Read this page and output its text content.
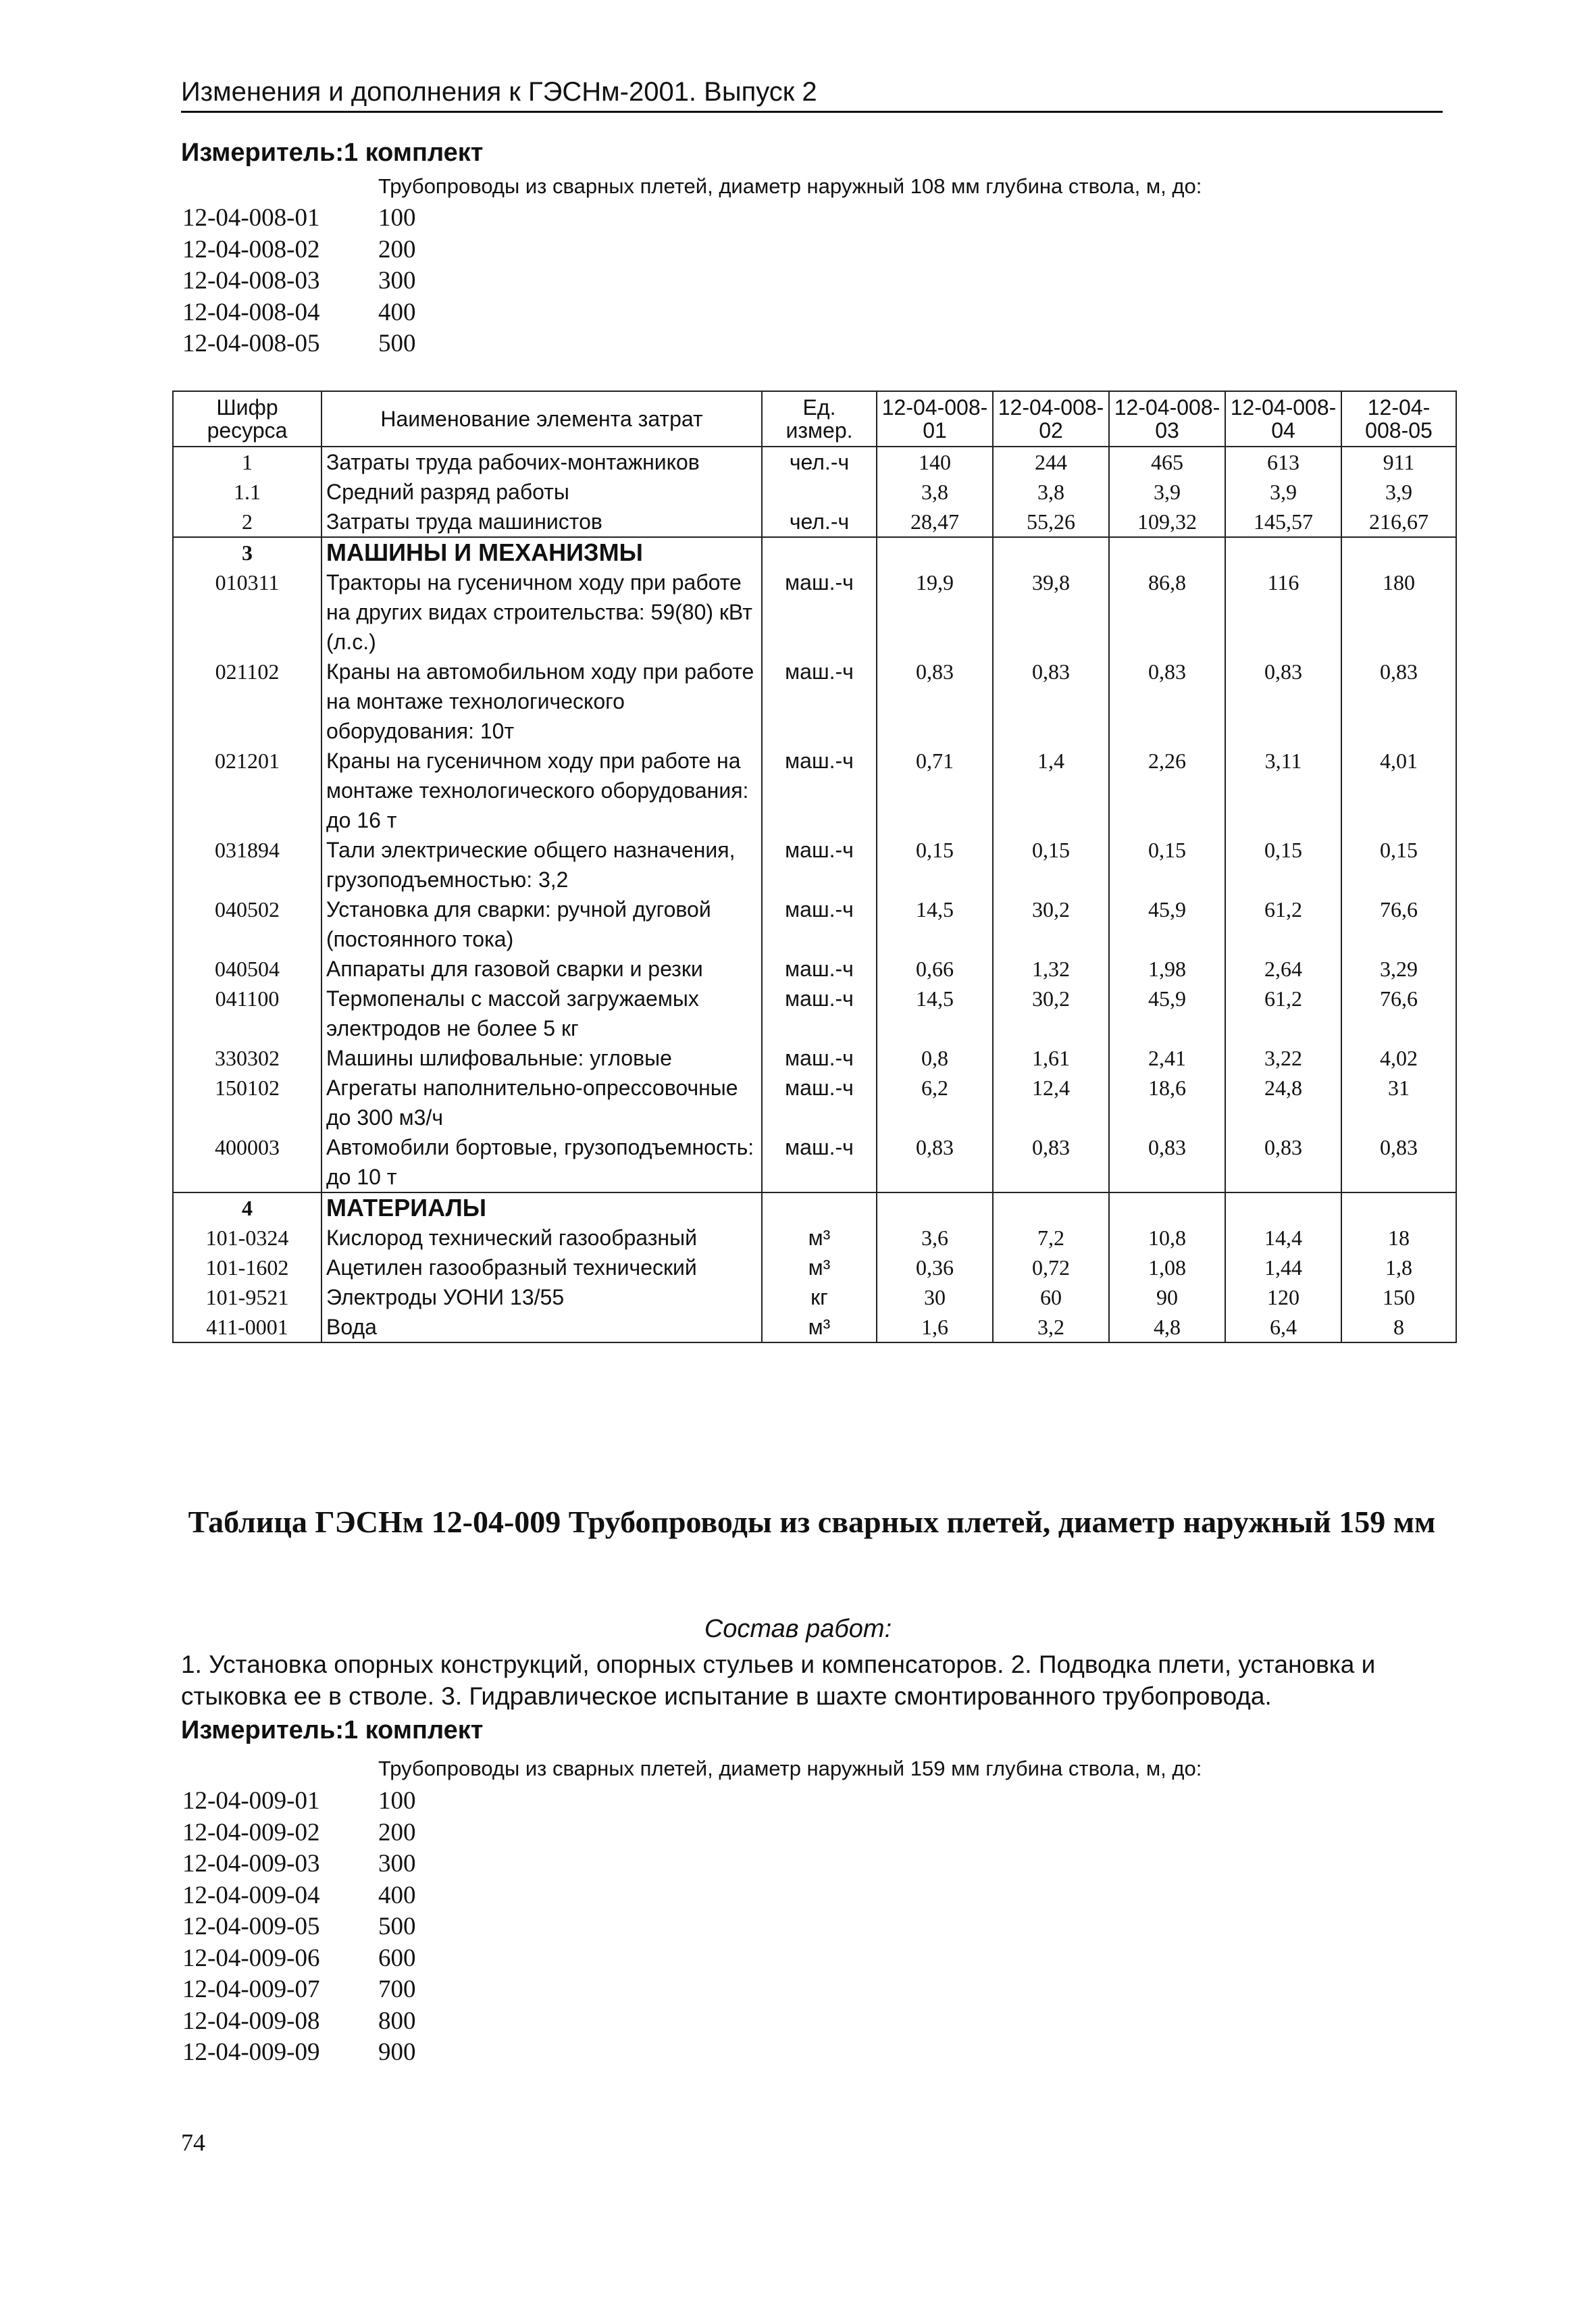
Изменения и дополнения к ГЭСНм-2001. Выпуск 2
Измеритель:1 комплект
Трубопроводы из сварных плетей, диаметр наружный 108 мм глубина ствола, м, до:
12-04-008-01	100
12-04-008-02	200
12-04-008-03	300
12-04-008-04	400
12-04-008-05	500
Шифр ресурса	Наименование элемента затрат	Ед. измер.	12-04-008-01	12-04-008-02	12-04-008-03	12-04-008-04	12-04-008-05
1	Затраты труда рабочих-монтажников	чел.-ч	140	244	465	613	911
1.1	Средний разряд работы		3,8	3,8	3,9	3,9	3,9
2	Затраты труда машинистов	чел.-ч	28,47	55,26	109,32	145,57	216,67
3	МАШИНЫ И МЕХАНИЗМЫ						
010311	Тракторы на гусеничном ходу при работе на других видах строительства: 59(80) кВт (л.с.)	маш.-ч	19,9	39,8	86,8	116	180
021102	Краны на автомобильном ходу при работе на монтаже технологического оборудования: 10т	маш.-ч	0,83	0,83	0,83	0,83	0,83
021201	Краны на гусеничном ходу при работе на монтаже технологического оборудования: до 16 т	маш.-ч	0,71	1,4	2,26	3,11	4,01
031894	Тали электрические общего назначения, грузоподъемностью: 3,2	маш.-ч	0,15	0,15	0,15	0,15	0,15
040502	Установка для сварки: ручной дуговой (постоянного тока)	маш.-ч	14,5	30,2	45,9	61,2	76,6
040504	Аппараты для газовой сварки и резки	маш.-ч	0,66	1,32	1,98	2,64	3,29
041100	Термопеналы с массой загружаемых электродов не более 5 кг	маш.-ч	14,5	30,2	45,9	61,2	76,6
330302	Машины шлифовальные: угловые	маш.-ч	0,8	1,61	2,41	3,22	4,02
150102	Агрегаты наполнительно-опрессовочные до 300 м3/ч	маш.-ч	6,2	12,4	18,6	24,8	31
400003	Автомобили бортовые, грузоподъемность: до 10 т	маш.-ч	0,83	0,83	0,83	0,83	0,83
4	МАТЕРИАЛЫ						
101-0324	Кислород технический газообразный	м³	3,6	7,2	10,8	14,4	18
101-1602	Ацетилен газообразный технический	м³	0,36	0,72	1,08	1,44	1,8
101-9521	Электроды УОНИ 13/55	кг	30	60	90	120	150
411-0001	Вода	м³	1,6	3,2	4,8	6,4	8
Таблица ГЭСНм 12-04-009 Трубопроводы из сварных плетей, диаметр наружный 159 мм
Состав работ:
1. Установка опорных конструкций, опорных стульев и компенсаторов. 2. Подводка плети, установка и стыковка ее в стволе. 3. Гидравлическое испытание в шахте смонтированного трубопровода.
Измеритель:1 комплект
Трубопроводы из сварных плетей, диаметр наружный 159 мм глубина ствола, м, до:
12-04-009-01	100
12-04-009-02	200
12-04-009-03	300
12-04-009-04	400
12-04-009-05	500
12-04-009-06	600
12-04-009-07	700
12-04-009-08	800
12-04-009-09	900
74
